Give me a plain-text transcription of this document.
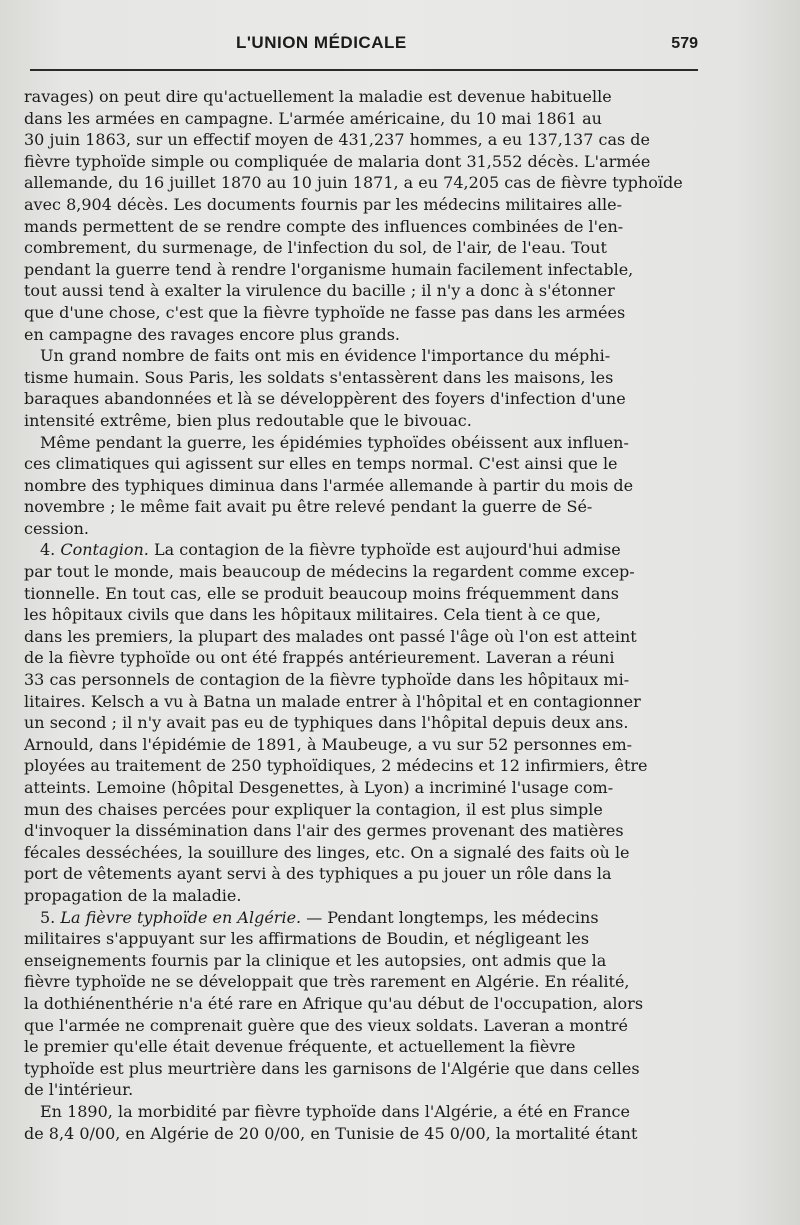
L'UNION MÉDICALE	579
ravages) on peut dire qu'actuellement la maladie est devenue habituelle
dans les armées en campagne. L'armée américaine, du 10 mai 1861 au
30 juin 1863, sur un effectif moyen de 431,237 hommes, a eu 137,137 cas de
fièvre typhoïde simple ou compliquée de malaria dont 31,552 décès. L'armée
allemande, du 16 juillet 1870 au 10 juin 1871, a eu 74,205 cas de fièvre typhoïde
avec 8,904 décès. Les documents fournis par les médecins militaires alle-
mands permettent de se rendre compte des influences combinées de l'en-
combrement, du surmenage, de l'infection du sol, de l'air, de l'eau. Tout
pendant la guerre tend à rendre l'organisme humain facilement infectable,
tout aussi tend à exalter la virulence du bacille ; il n'y a donc à s'étonner
que d'une chose, c'est que la fièvre typhoïde ne fasse pas dans les armées
en campagne des ravages encore plus grands.
Un grand nombre de faits ont mis en évidence l'importance du méphi-
tisme humain. Sous Paris, les soldats s'entassèrent dans les maisons, les
baraques abandonnées et là se développèrent des foyers d'infection d'une
intensité extrême, bien plus redoutable que le bivouac.
Même pendant la guerre, les épidémies typhoïdes obéissent aux influen-
ces climatiques qui agissent sur elles en temps normal. C'est ainsi que le
nombre des typhiques diminua dans l'armée allemande à partir du mois de
novembre ; le même fait avait pu être relevé pendant la guerre de Sé-
cession.
4. Contagion. La contagion de la fièvre typhoïde est aujourd'hui admise
par tout le monde, mais beaucoup de médecins la regardent comme excep-
tionnelle. En tout cas, elle se produit beaucoup moins fréquemment dans
les hôpitaux civils que dans les hôpitaux militaires. Cela tient à ce que,
dans les premiers, la plupart des malades ont passé l'âge où l'on est atteint
de la fièvre typhoïde ou ont été frappés antérieurement. Laveran a réuni
33 cas personnels de contagion de la fièvre typhoïde dans les hôpitaux mi-
litaires. Kelsch a vu à Batna un malade entrer à l'hôpital et en contagionner
un second ; il n'y avait pas eu de typhiques dans l'hôpital depuis deux ans.
Arnould, dans l'épidémie de 1891, à Maubeuge, a vu sur 52 personnes em-
ployées au traitement de 250 typhoïdiques, 2 médecins et 12 infirmiers, être
atteints. Lemoine (hôpital Desgenettes, à Lyon) a incriminé l'usage com-
mun des chaises percées pour expliquer la contagion, il est plus simple
d'invoquer la dissémination dans l'air des germes provenant des matières
fécales desséchées, la souillure des linges, etc. On a signalé des faits où le
port de vêtements ayant servi à des typhiques a pu jouer un rôle dans la
propagation de la maladie.
5. La fièvre typhoïde en Algérie. — Pendant longtemps, les médecins
militaires s'appuyant sur les affirmations de Boudin, et négligeant les
enseignements fournis par la clinique et les autopsies, ont admis que la
fièvre typhoïde ne se développait que très rarement en Algérie. En réalité,
la dothiénenthérie n'a été rare en Afrique qu'au début de l'occupation, alors
que l'armée ne comprenait guère que des vieux soldats. Laveran a montré
le premier qu'elle était devenue fréquente, et actuellement la fièvre
typhoïde est plus meurtrière dans les garnisons de l'Algérie que dans celles
de l'intérieur.
En 1890, la morbidité par fièvre typhoïde dans l'Algérie, a été en France
de 8,4 0/00, en Algérie de 20 0/00, en Tunisie de 45 0/00, la mortalité étant
